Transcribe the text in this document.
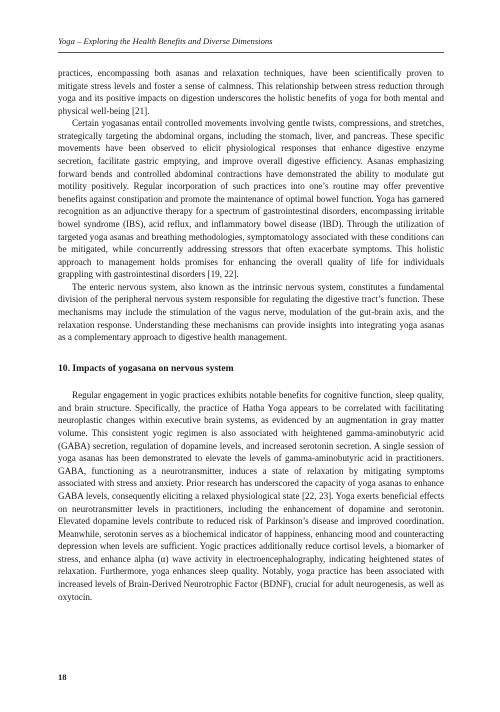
Yoga – Exploring the Health Benefits and Diverse Dimensions

practices, encompassing both asanas and relaxation techniques, have been scientifically proven to mitigate stress levels and foster a sense of calmness. This relationship between stress reduction through yoga and its positive impacts on digestion underscores the holistic benefits of yoga for both mental and physical well-being [21].

Certain yogasanas entail controlled movements involving gentle twists, compressions, and stretches, strategically targeting the abdominal organs, including the stomach, liver, and pancreas. These specific movements have been observed to elicit physiological responses that enhance digestive enzyme secretion, facilitate gastric emptying, and improve overall digestive efficiency. Asanas emphasizing forward bends and controlled abdominal contractions have demonstrated the ability to modulate gut motility positively. Regular incorporation of such practices into one’s routine may offer preventive benefits against constipation and promote the maintenance of optimal bowel function. Yoga has garnered recognition as an adjunctive therapy for a spectrum of gastrointestinal disorders, encompassing irritable bowel syndrome (IBS), acid reflux, and inflammatory bowel disease (IBD). Through the utilization of targeted yoga asanas and breathing methodologies, symptomatology associated with these conditions can be mitigated, while concurrently addressing stressors that often exacerbate symptoms. This holistic approach to management holds promises for enhancing the overall quality of life for individuals grappling with gastrointestinal disorders [19, 22].

The enteric nervous system, also known as the intrinsic nervous system, constitutes a fundamental division of the peripheral nervous system responsible for regulating the digestive tract’s function. These mechanisms may include the stimulation of the vagus nerve, modulation of the gut-brain axis, and the relaxation response. Understanding these mechanisms can provide insights into integrating yoga asanas as a complementary approach to digestive health management.

10. Impacts of yogasana on nervous system

Regular engagement in yogic practices exhibits notable benefits for cognitive function, sleep quality, and brain structure. Specifically, the practice of Hatha Yoga appears to be correlated with facilitating neuroplastic changes within executive brain systems, as evidenced by an augmentation in gray matter volume. This consistent yogic regimen is also associated with heightened gamma-aminobutyric acid (GABA) secretion, regulation of dopamine levels, and increased serotonin secretion. A single session of yoga asanas has been demonstrated to elevate the levels of gamma-aminobutyric acid in practitioners. GABA, functioning as a neurotransmitter, induces a state of relaxation by mitigating symptoms associated with stress and anxiety. Prior research has underscored the capacity of yoga asanas to enhance GABA levels, consequently eliciting a relaxed physiological state [22, 23]. Yoga exerts beneficial effects on neurotransmitter levels in practitioners, including the enhancement of dopamine and serotonin. Elevated dopamine levels contribute to reduced risk of Parkinson’s disease and improved coordination. Meanwhile, serotonin serves as a biochemical indicator of happiness, enhancing mood and counteracting depression when levels are sufficient. Yogic practices additionally reduce cortisol levels, a biomarker of stress, and enhance alpha (α) wave activity in electroencephalography, indicating heightened states of relaxation. Furthermore, yoga enhances sleep quality. Notably, yoga practice has been associated with increased levels of Brain-Derived Neurotrophic Factor (BDNF), crucial for adult neurogenesis, as well as oxytocin.

18
